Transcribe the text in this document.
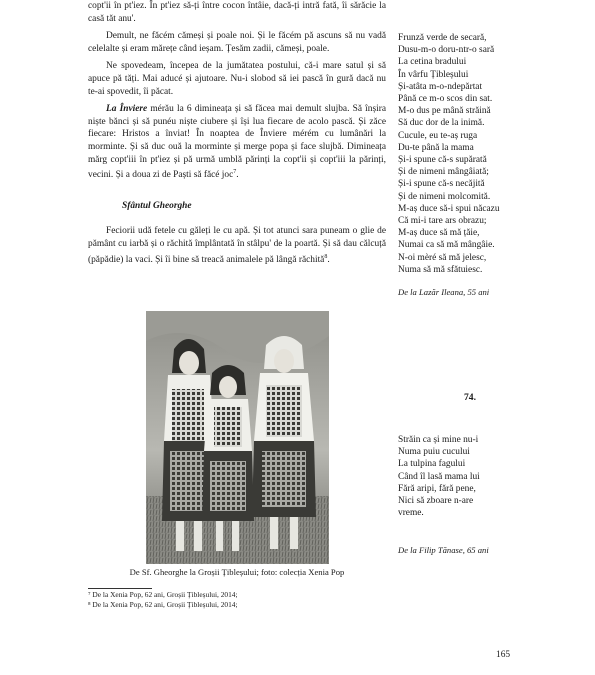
copt'ii în pt'iez. În pt'iez să-ți între cocon întâie, dacă-ți intră fată, îi sărăcie la casă tăt anu'.

Demult, ne făcém cămeși și poale noi. Și le făcém pă ascuns să nu vadă celelalte și eram mărețe când ieșam. Țesăm zadii, cămeși, poale.

Ne spovedeam, începea de la jumătatea postului, că-i mare satul și să apuce pă tăți. Mai aducé și ajutoare. Nu-i slobod să iei pască în gură dacă nu te-ai spovedit, îi păcat.

La Înviere mérău la 6 dimineața și să făcea mai demult slujba. Să înșira niște bănci și să punéu niște ciubere și își lua fiecare de acolo pască. Și zăce fiecare: Hristos a înviat! În noaptea de Înviere mérém cu lumânări la morminte. Și să duc ouă la morminte și merge popa și face slujbă. Dimineața mărg copt'iii în pt'iez și pă urmă umblă părinți la copt'ii și copt'iii la părinți, vecini. Și a doua zi de Paști să făcé joc$^7$.

Sfântul Gheorghe

Feciorii udă fetele cu găleți le cu apă. Și tot atunci sara puneam o glie de pământ cu iarbă și o răchită împlântată în stâlpu' de la poartă. Și să dau călcuță (păpădie) la vaci. Și îi bine să treacă animalele pă lângă răchită$^8$.

De Sf. Gheorghe la Groșii Țibleșului; foto: colecția Xenia Pop
⁷ De la Xenia Pop, 62 ani, Groșii Țibleșului, 2014;
⁸ De la Xenia Pop, 62 ani, Groșii Țibleșului, 2014;
Frunză verde de secară,
Dusu-m-o doru-ntr-o sară
La cetina bradului
În vârfu Țibleșului
Și-atâta m-o-ndepărtat
Până ce m-o scos din sat.
M-o dus pe mână străină
Să duc dor de la inimă.
Cucule, eu te-aș ruga
Du-te până la mama
Și-i spune că-s supărată
Și de nimeni mângâiată;
Și-i spune că-s necăjită
Și de nimeni molcomită.
M-aș duce să-i spui năcazu
Că mi-i tare ars obrazu;
M-aș duce să mă țăie,
Numai ca să mă mângâie.
N-oi mèré să mă jelesc,
Numa să mă sfătuiesc.
De la Lazăr Ileana, 55 ani
74.
Străin ca și mine nu-i
Numa puiu cucului
La tulpina fagului
Când îl lasă mama lui
Fără aripi, fără pene,
Nici să zboare n-are
vreme.
De la Filip Tănase, 65 ani
165
